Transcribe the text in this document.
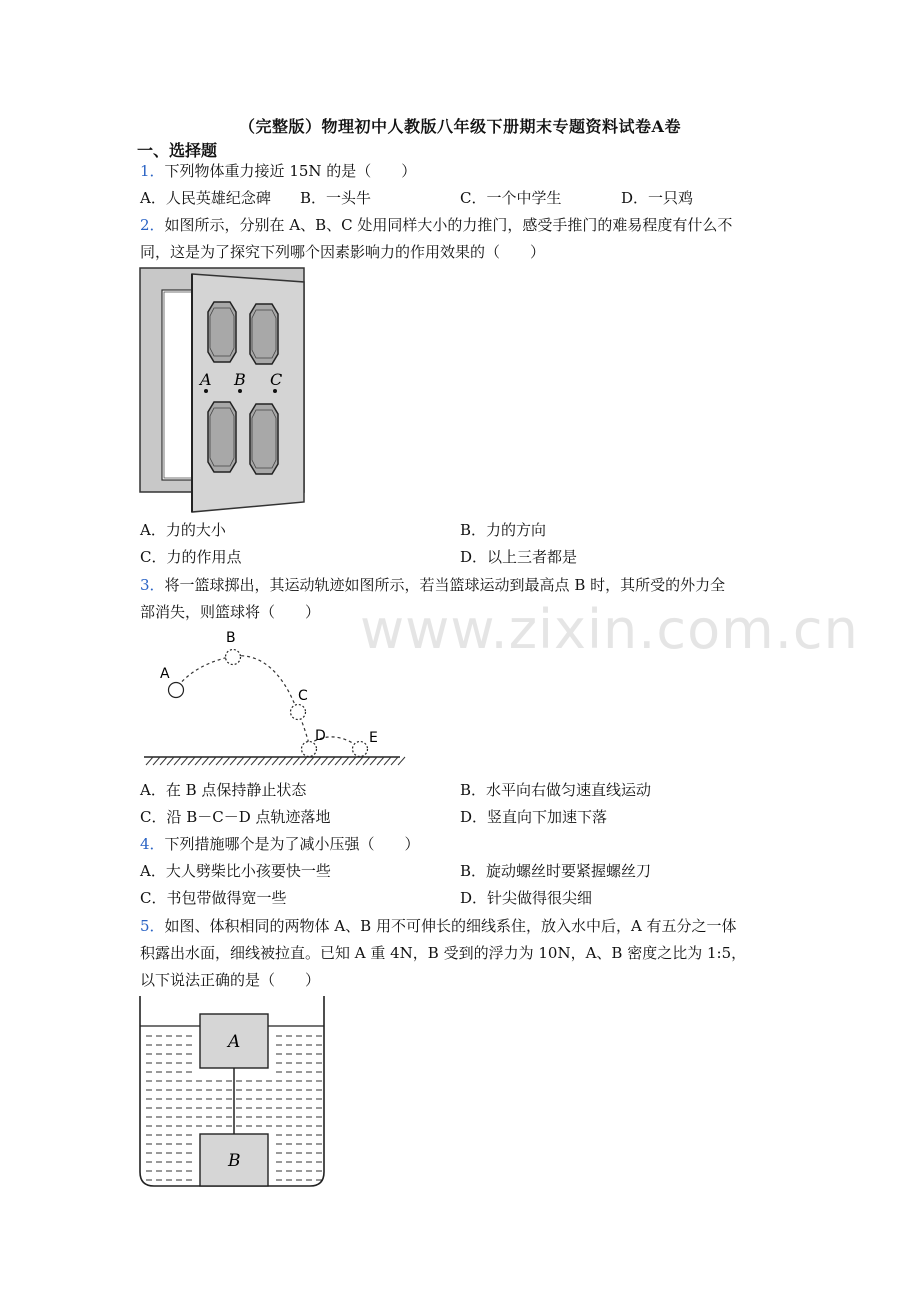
（完整版）物理初中人教版八年级下册期末专题资料试卷A卷
一、选择题
1．下列物体重力接近 15N 的是（　　）
A．人民英雄纪念碑 B．一头牛	C．一个中学生	D．一只鸡
2．如图所示，分别在 A、B、C 处用同样大小的力推门，感受手推门的难易程度有什么不
同，这是为了探究下列哪个因素影响力的作用效果的（　　）
A B C
A．力的大小	B．力的方向
C．力的作用点	D．以上三者都是
3．将一篮球掷出，其运动轨迹如图所示，若当篮球运动到最高点 B 时，其所受的外力全
部消失，则篮球将（　　）
A
B
C
D	E
A．在 B 点保持静止状态	B．水平向右做匀速直线运动
C．沿 B－C－D 点轨迹落地	D．竖直向下加速下落
4．下列措施哪个是为了减小压强（　　）
A．大人劈柴比小孩要快一些	B．旋动螺丝时要紧握螺丝刀
C．书包带做得宽一些	D．针尖做得很尖细
5．如图、体积相同的两物体 A、B 用不可伸长的细线系住，放入水中后，A 有五分之一体
积露出水面，细线被拉直。已知 A 重 4N，B 受到的浮力为 10N，A、B 密度之比为 1:5，
以下说法正确的是（　　）
A
B
www.zixin.com.cn
